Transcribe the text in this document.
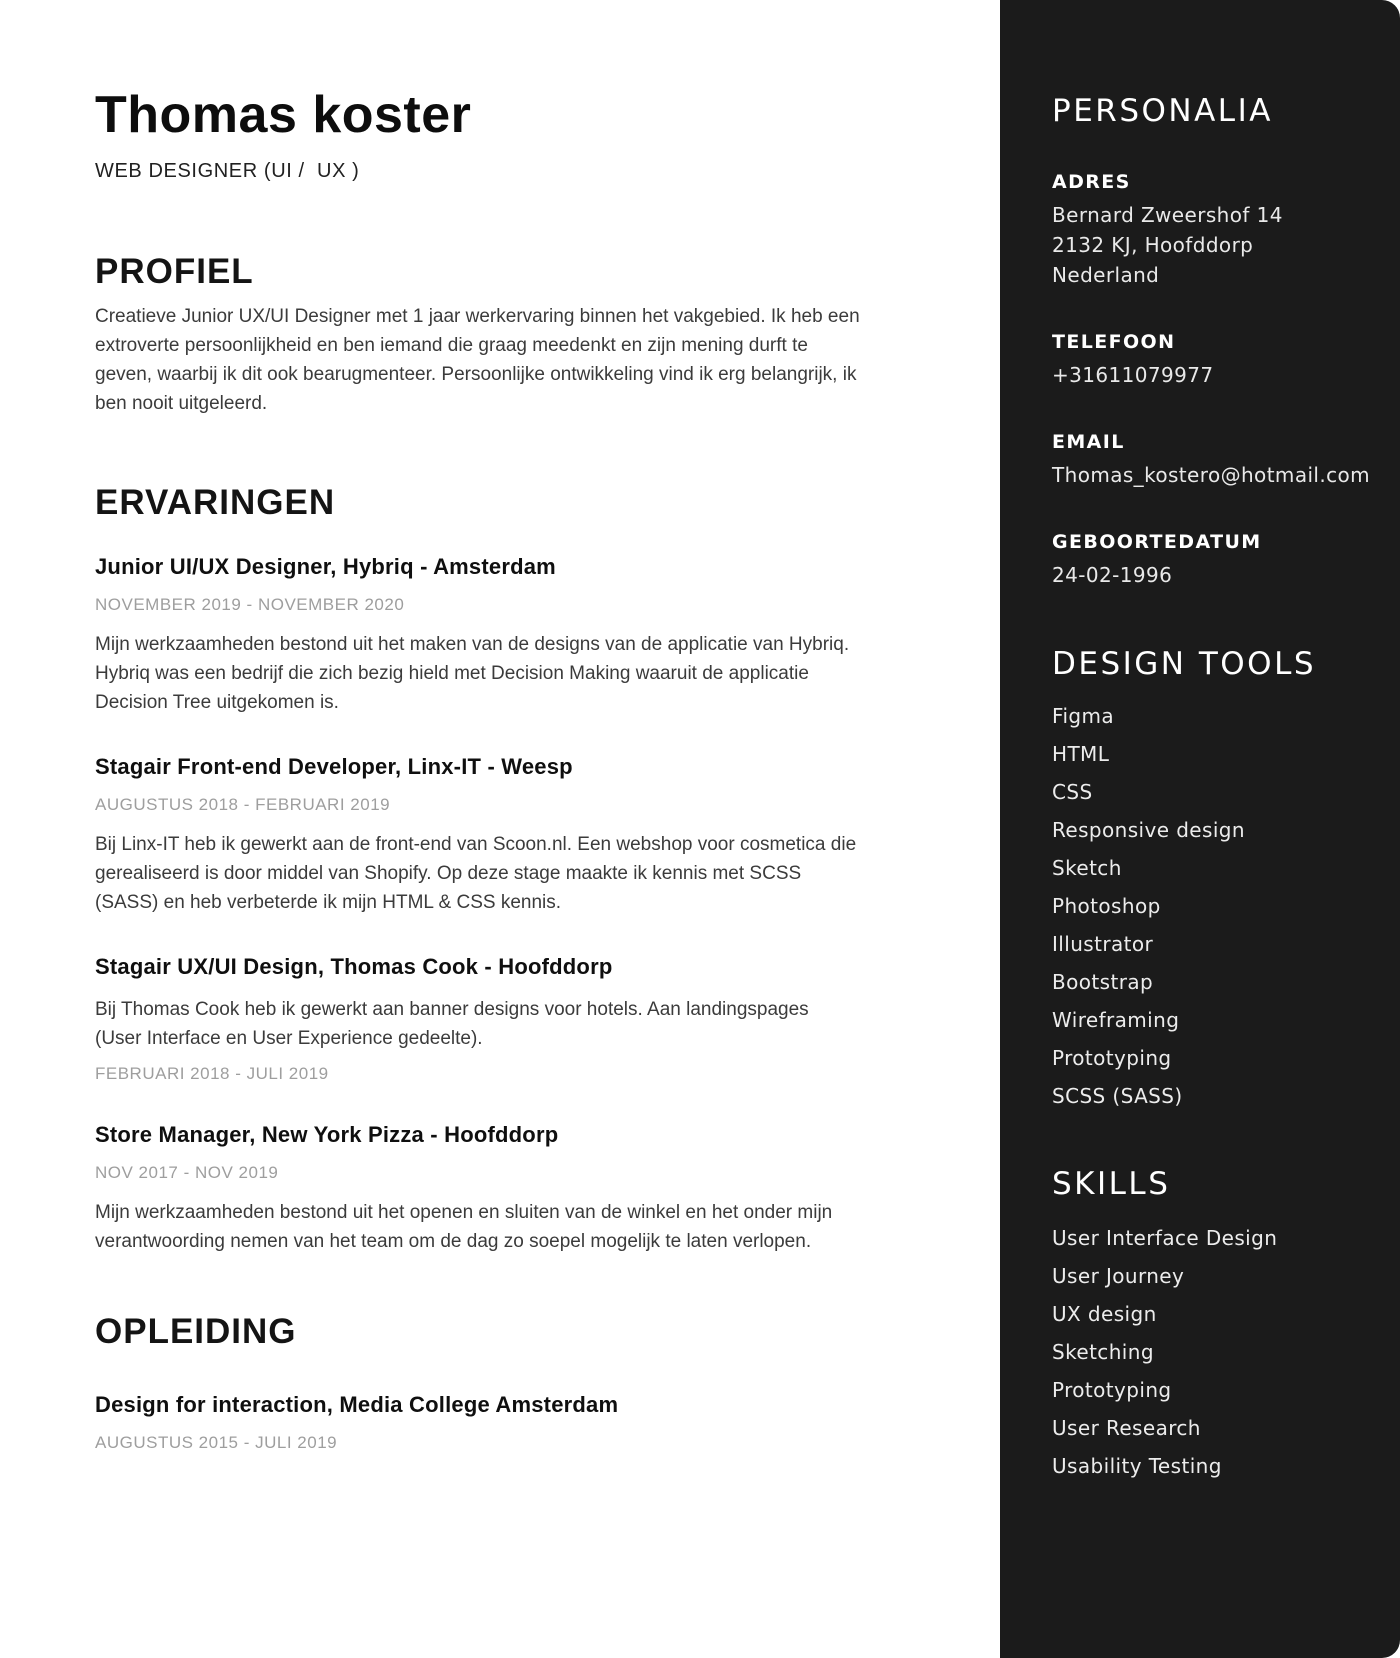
Thomas koster
WEB DESIGNER (UI /  UX )
PROFIEL
Creatieve Junior UX/UI Designer met 1 jaar werkervaring binnen het vakgebied. Ik heb een extroverte persoonlijkheid en ben iemand die graag meedenkt en zijn mening durft te geven, waarbij ik dit ook bearugmenteer. Persoonlijke ontwikkeling vind ik erg belangrijk, ik ben nooit uitgeleerd.
ERVARINGEN
Junior UI/UX Designer, Hybriq - Amsterdam
NOVEMBER 2019 - NOVEMBER 2020
Mijn werkzaamheden bestond uit het maken van de designs van de applicatie van Hybriq. Hybriq was een bedrijf die zich bezig hield met Decision Making waaruit de applicatie Decision Tree uitgekomen is.
Stagair Front-end Developer, Linx-IT - Weesp
AUGUSTUS 2018 - FEBRUARI 2019
Bij Linx-IT heb ik gewerkt aan de front-end van Scoon.nl. Een webshop voor cosmetica die gerealiseerd is door middel van Shopify. Op deze stage maakte ik kennis met SCSS (SASS) en heb verbeterde ik mijn HTML & CSS kennis.
Stagair UX/UI Design, Thomas Cook - Hoofddorp
Bij Thomas Cook heb ik gewerkt aan banner designs voor hotels. Aan landingspages (User Interface en User Experience gedeelte).
FEBRUARI 2018 - JULI 2019
Store Manager, New York Pizza - Hoofddorp
NOV 2017 - NOV 2019
Mijn werkzaamheden bestond uit het openen en sluiten van de winkel en het onder mijn verantwoording nemen van het team om de dag zo soepel mogelijk te laten verlopen.
OPLEIDING
Design for interaction, Media College Amsterdam
AUGUSTUS 2015 - JULI 2019
PERSONALIA
ADRES
Bernard Zweershof 14
2132 KJ, Hoofddorp
Nederland
TELEFOON
+31611079977
EMAIL
Thomas_kostero@hotmail.com
GEBOORTEDATUM
24-02-1996
DESIGN TOOLS
Figma
HTML
CSS
Responsive design
Sketch
Photoshop
Illustrator
Bootstrap
Wireframing
Prototyping
SCSS (SASS)
SKILLS
User Interface Design
User Journey
UX design
Sketching
Prototyping
User Research
Usability Testing
